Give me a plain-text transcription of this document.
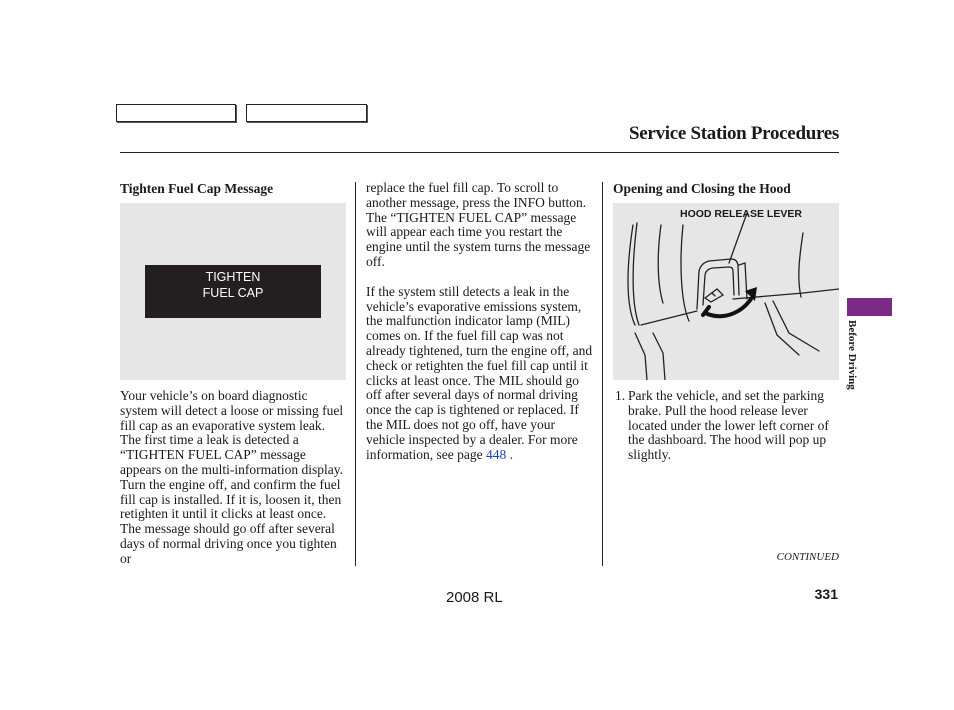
Service Station Procedures
Tighten Fuel Cap Message
TIGHTEN
FUEL CAP

Your vehicle’s on board diagnostic system will detect a loose or missing fuel fill cap as an evaporative system leak. The first time a leak is detected a “TIGHTEN FUEL CAP” message appears on the multi-information display. Turn the engine off, and confirm the fuel fill cap is installed. If it is, loosen it, then retighten it until it clicks at least once. The message should go off after several days of normal driving once you tighten or

replace the fuel fill cap. To scroll to another message, press the INFO button. The “TIGHTEN FUEL CAP” message will appear each time you restart the engine until the system turns the message off.

If the system still detects a leak in the vehicle’s evaporative emissions system, the malfunction indicator lamp (MIL) comes on. If the fuel fill cap was not already tightened, turn the engine off, and check or retighten the fuel fill cap until it clicks at least once. The MIL should go off after several days of normal driving once the cap is tightened or replaced. If the MIL does not go off, have your vehicle inspected by a dealer. For more information, see page 448 .

Opening and Closing the Hood
HOOD RELEASE LEVER
1. Park the vehicle, and set the parking brake. Pull the hood release lever located under the lower left corner of the dashboard. The hood will pop up slightly.
Before Driving
CONTINUED
2008 RL	331
